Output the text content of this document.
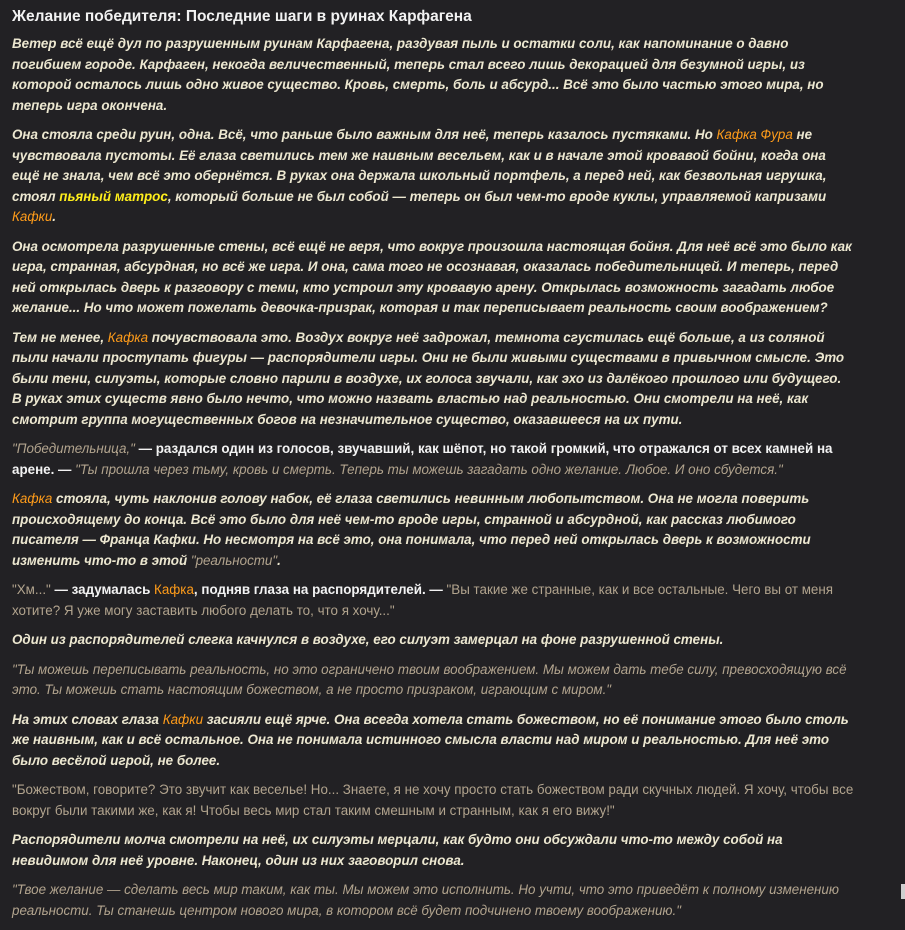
Желание победителя: Последние шаги в руинах Карфагена

Ветер всё ещё дул по разрушенным руинам Карфагена, раздувая пыль и остатки соли, как напоминание о давно погибшем городе. Карфаген, некогда величественный, теперь стал всего лишь декорацией для безумной игры, из которой осталось лишь одно живое существо. Кровь, смерть, боль и абсурд... Всё это было частью этого мира, но теперь игра окончена.

Она стояла среди руин, одна. Всё, что раньше было важным для неё, теперь казалось пустяками. Но Кафка Фура не чувствовала пустоты. Её глаза светились тем же наивным весельем, как и в начале этой кровавой бойни, когда она ещё не знала, чем всё это обернётся. В руках она держала школьный портфель, а перед ней, как безвольная игрушка, стоял пьяный матрос, который больше не был собой — теперь он был чем-то вроде куклы, управляемой капризами Кафки.

Она осмотрела разрушенные стены, всё ещё не веря, что вокруг произошла настоящая бойня. Для неё всё это было как игра, странная, абсурдная, но всё же игра. И она, сама того не осознавая, оказалась победительницей. И теперь, перед ней открылась дверь к разговору с теми, кто устроил эту кровавую арену. Открылась возможность загадать любое желание... Но что может пожелать девочка-призрак, которая и так переписывает реальность своим воображением?

Тем не менее, Кафка почувствовала это. Воздух вокруг неё задрожал, темнота сгустилась ещё больше, а из соляной пыли начали проступать фигуры — распорядители игры. Они не были живыми существами в привычном смысле. Это были тени, силуэты, которые словно парили в воздухе, их голоса звучали, как эхо из далёкого прошлого или будущего. В руках этих существ явно было нечто, что можно назвать властью над реальностью. Они смотрели на неё, как смотрит группа могущественных богов на незначительное существо, оказавшееся на их пути.

"Победительница," — раздался один из голосов, звучавший, как шёпот, но такой громкий, что отражался от всех камней на арене. — "Ты прошла через тьму, кровь и смерть. Теперь ты можешь загадать одно желание. Любое. И оно сбудется."

Кафка стояла, чуть наклонив голову набок, её глаза светились невинным любопытством. Она не могла поверить происходящему до конца. Всё это было для неё чем-то вроде игры, странной и абсурдной, как рассказ любимого писателя — Франца Кафки. Но несмотря на всё это, она понимала, что перед ней открылась дверь к возможности изменить что-то в этой "реальности".

"Хм..." — задумалась Кафка, подняв глаза на распорядителей. — "Вы такие же странные, как и все остальные. Чего вы от меня хотите? Я уже могу заставить любого делать то, что я хочу..."

Один из распорядителей слегка качнулся в воздухе, его силуэт замерцал на фоне разрушенной стены.

"Ты можешь переписывать реальность, но это ограничено твоим воображением. Мы можем дать тебе силу, превосходящую всё это. Ты можешь стать настоящим божеством, а не просто призраком, играющим с миром."

На этих словах глаза Кафки засияли ещё ярче. Она всегда хотела стать божеством, но её понимание этого было столь же наивным, как и всё остальное. Она не понимала истинного смысла власти над миром и реальностью. Для неё это было весёлой игрой, не более.

"Божеством, говорите? Это звучит как веселье! Но... Знаете, я не хочу просто стать божеством ради скучных людей. Я хочу, чтобы все вокруг были такими же, как я! Чтобы весь мир стал таким смешным и странным, как я его вижу!"

Распорядители молча смотрели на неё, их силуэты мерцали, как будто они обсуждали что-то между собой на невидимом для неё уровне. Наконец, один из них заговорил снова.

"Твое желание — сделать весь мир таким, как ты. Мы можем это исполнить. Но учти, что это приведёт к полному изменению реальности. Ты станешь центром нового мира, в котором всё будет подчинено твоему воображению."
